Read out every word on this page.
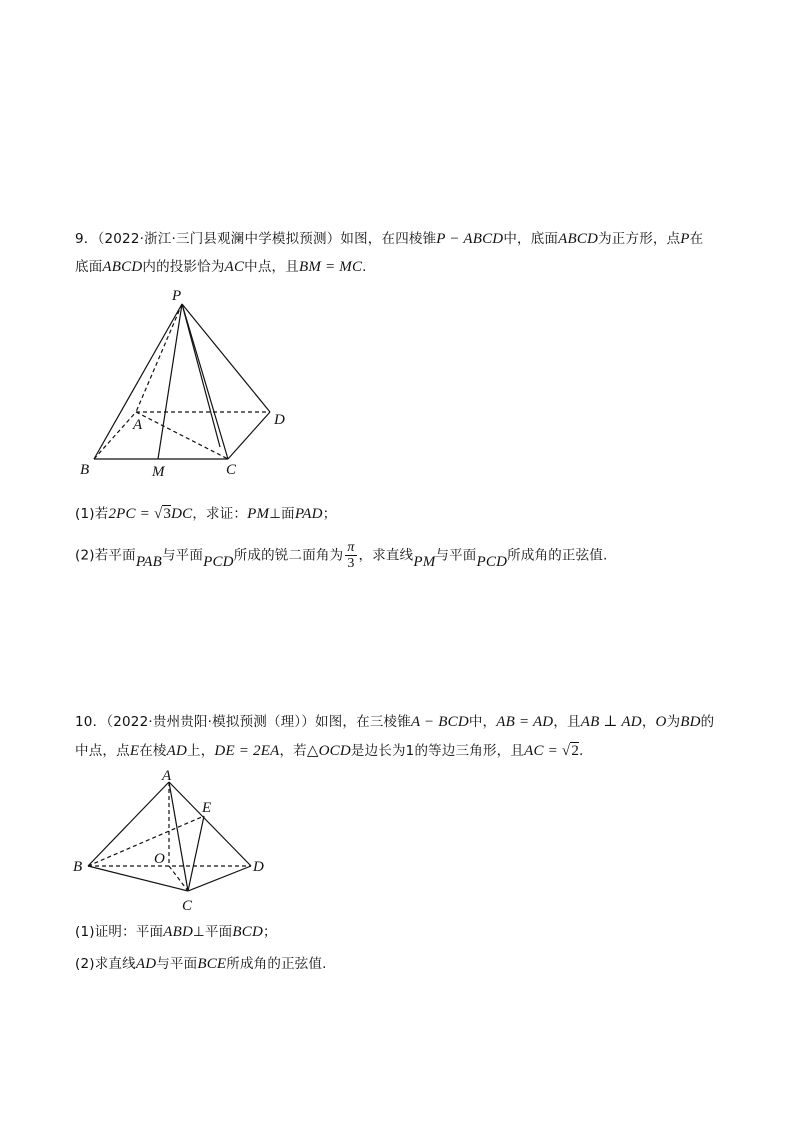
9．（2022·浙江·三门县观澜中学模拟预测）如图，在四棱锥P − ABCD中，底面ABCD为正方形，点P在
底面ABCD内的投影恰为AC中点，且BM = MC.
P
A
B	M	C
D
(1)若2PC = √3DC，求证：PM⊥面PAD；
(2)若平面PAB与平面PCD所成的锐二面角为 $\frac{\pi}{3}$ ，求直线PM与平面PCD所成角的正弦值.
10．（2022·贵州贵阳·模拟预测（理））如图，在三棱锥A − BCD中，AB = AD，且AB ⊥ AD，O为BD的
中点，点E在棱AD上，DE = 2EA，若△OCD是边长为1的等边三角形，且AC = √2.
A
B
C
D
E
O
(1)证明：平面ABD⊥平面BCD；
(2)求直线AD与平面BCE所成角的正弦值.
